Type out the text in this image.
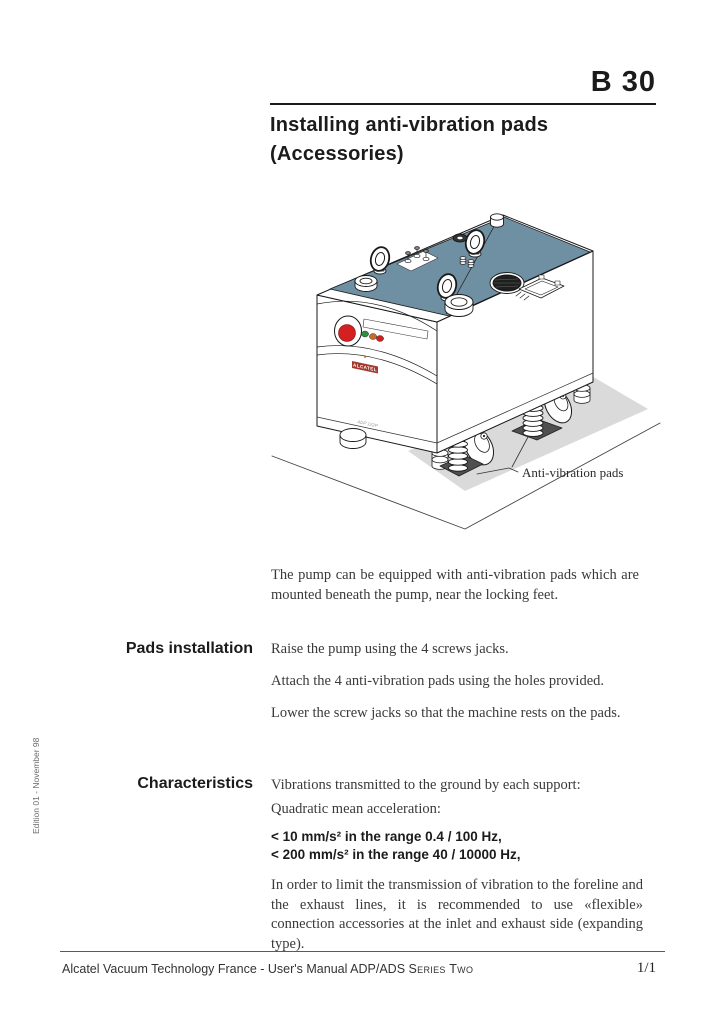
B 30
Installing anti-vibration pads
(Accessories)
ALCATEL
ADP 122P
Anti-vibration pads

The pump can be equipped with anti-vibration pads which are mounted beneath the pump, near the locking feet.

Pads installation Raise the pump using the 4 screws jacks.
Attach the 4 anti-vibration pads using the holes provided.
Lower the screw jacks so that the machine rests on the pads.
Characteristics Vibrations transmitted to the ground by each support:
Quadratic mean acceleration:
< 10 mm/s² in the range 0.4 / 100 Hz,
< 200 mm/s² in the range 40 / 10000 Hz,

In order to limit the transmission of vibration to the foreline and the exhaust lines, it is recommended to use «flexible» connection accessories at the inlet and exhaust side (expanding type).

Alcatel Vacuum Technology France - User's Manual ADP/ADS Series Two	1/1
Edition 01 - November 98
